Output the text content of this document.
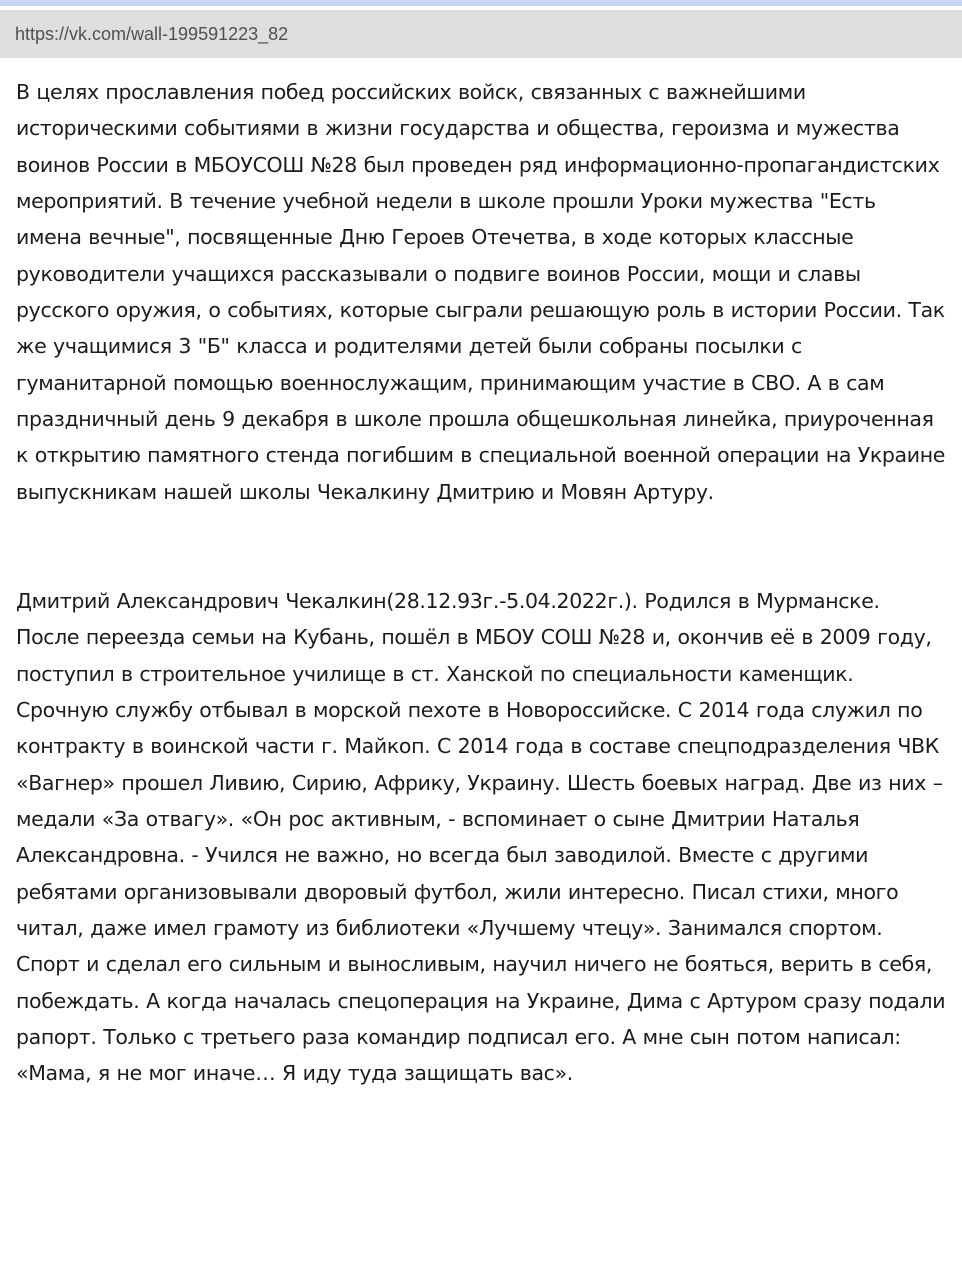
https://vk.com/wall-199591223_82

В целях прославления побед российских войск, связанных с важнейшими историческими событиями в жизни государства и общества, героизма и мужества воинов России в МБОУСОШ №28 был проведен ряд информационно-пропагандистских мероприятий. В течение учебной недели в школе прошли Уроки мужества "Есть имена вечные", посвященные Дню Героев Отечетва, в ходе которых классные руководители учащихся рассказывали о подвиге воинов России, мощи и славы русского оружия, о событиях, которые сыграли решающую роль в истории России. Так же учащимися 3 "Б" класса и родителями детей были собраны посылки с гуманитарной помощью военнослужащим, принимающим участие в СВО. А в сам праздничный день 9 декабря в школе прошла общешкольная линейка, приуроченная к открытию памятного стенда погибшим в специальной военной операции на Украине выпускникам нашей школы Чекалкину Дмитрию и Мовян Артуру.

Дмитрий Александрович Чекалкин(28.12.93г.-5.04.2022г.). Родился в Мурманске. После переезда семьи на Кубань, пошёл в МБОУ СОШ №28 и, окончив её в 2009 году, поступил в строительное училище в ст. Ханской по специальности каменщик. Срочную службу отбывал в морской пехоте в Новороссийске. С 2014 года служил по контракту в воинской части г. Майкоп. С 2014 года в составе спецподразделения ЧВК «Вагнер» прошел Ливию, Сирию, Африку, Украину. Шесть боевых наград. Две из них – медали «За отвагу». «Он рос активным, - вспоминает о сыне Дмитрии Наталья Александровна. - Учился не важно, но всегда был заводилой. Вместе с другими ребятами организовывали дворовый футбол, жили интересно. Писал стихи, много читал, даже имел грамоту из библиотеки «Лучшему чтецу». Занимался спортом. Спорт и сделал его сильным и выносливым, научил ничего не бояться, верить в себя, побеждать. А когда началась спецоперация на Украине, Дима с Артуром сразу подали рапорт. Только с третьего раза командир подписал его. А мне сын потом написал: «Мама, я не мог иначе… Я иду туда защищать вас».
